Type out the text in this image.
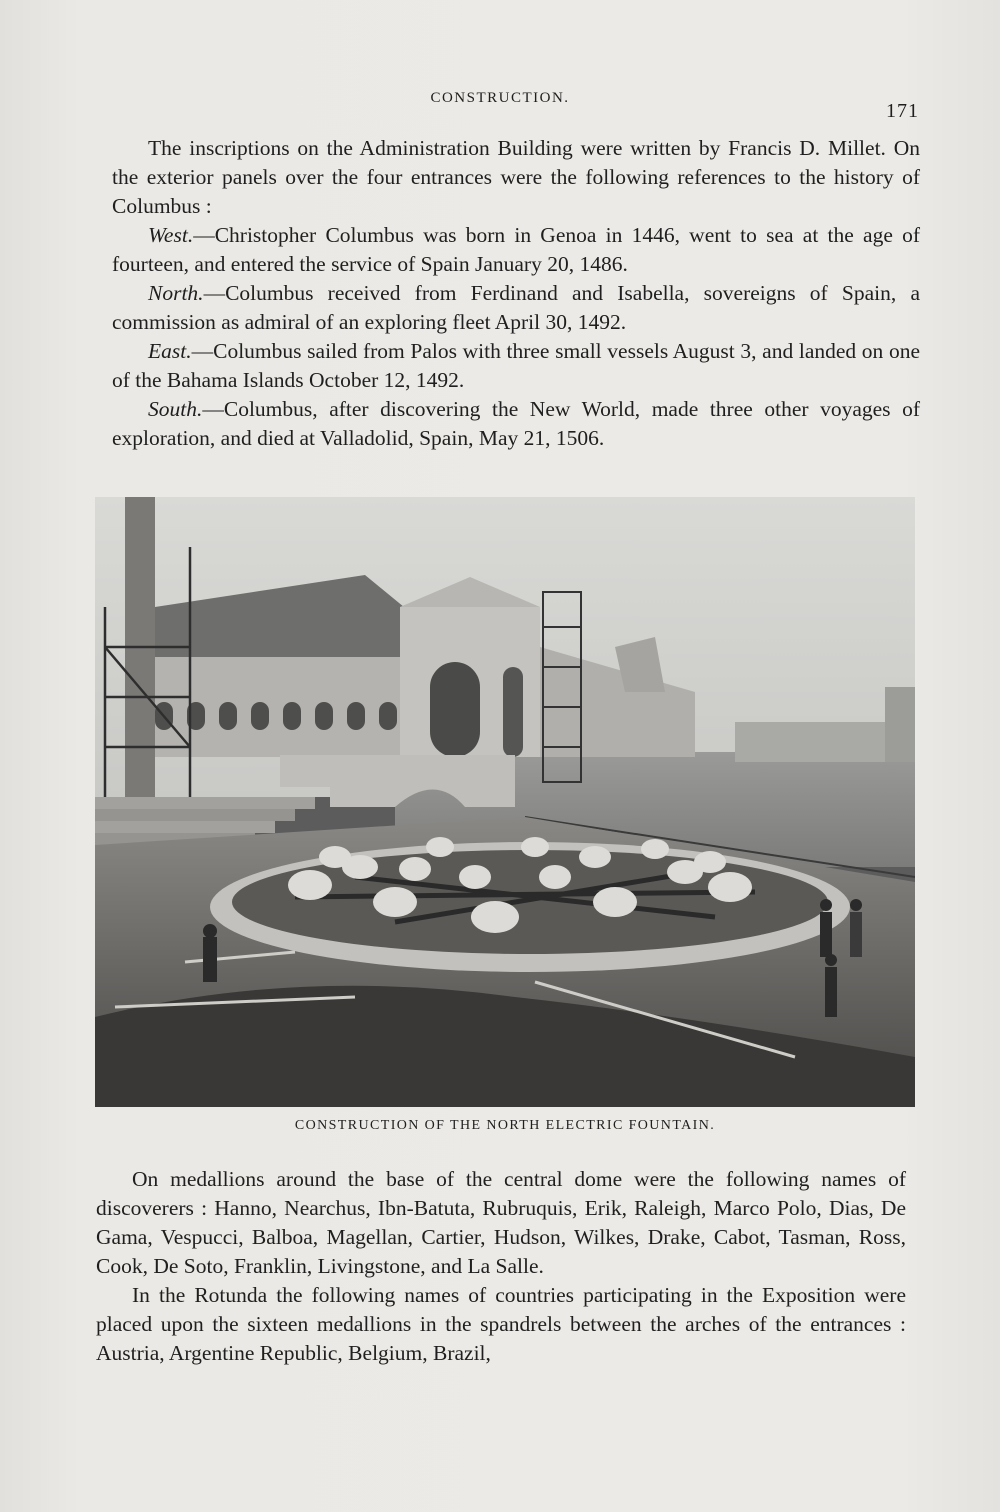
CONSTRUCTION.
171

The inscriptions on the Administration Building were written by Francis D. Millet. On the exterior panels over the four entrances were the following references to the history of Columbus :

West.—Christopher Columbus was born in Genoa in 1446, went to sea at the age of fourteen, and entered the service of Spain January 20, 1486.

North.—Columbus received from Ferdinand and Isabella, sovereigns of Spain, a commission as admiral of an exploring fleet April 30, 1492.

East.—Columbus sailed from Palos with three small vessels August 3, and landed on one of the Bahama Islands October 12, 1492.

South.—Columbus, after discovering the New World, made three other voyages of exploration, and died at Valladolid, Spain, May 21, 1506.

CONSTRUCTION OF THE NORTH ELECTRIC FOUNTAIN.

On medallions around the base of the central dome were the following names of discoverers : Hanno, Nearchus, Ibn-Batuta, Rubruquis, Erik, Raleigh, Marco Polo, Dias, De Gama, Vespucci, Balboa, Magellan, Cartier, Hudson, Wilkes, Drake, Cabot, Tasman, Ross, Cook, De Soto, Franklin, Livingstone, and La Salle.

In the Rotunda the following names of countries participating in the Exposition were placed upon the sixteen medallions in the spandrels between the arches of the entrances : Austria, Argentine Republic, Belgium, Brazil,
